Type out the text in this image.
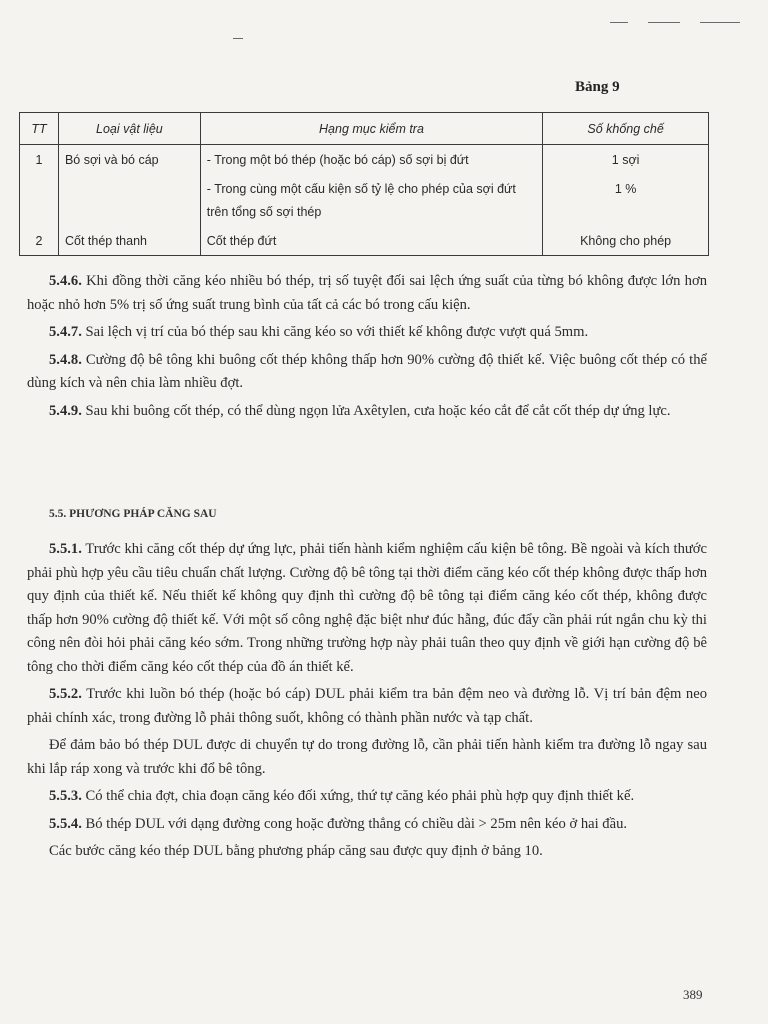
Bảng 9
TT	Loại vật liệu	Hạng mục kiểm tra	Số khống chế
1	Bó sợi và bó cáp	- Trong một bó thép (hoặc bó cáp) số sợi bị đứt	1 sợi
		- Trong cùng một cấu kiện số tỷ lệ cho phép của sợi đứt trên tổng số sợi thép	1 %
2	Cốt thép thanh	Cốt thép đứt	Không cho phép

5.4.6. Khi đồng thời căng kéo nhiều bó thép, trị số tuyệt đối sai lệch ứng suất của từng bó không được lớn hơn hoặc nhỏ hơn 5% trị số ứng suất trung bình của tất cả các bó trong cấu kiện.

5.4.7. Sai lệch vị trí của bó thép sau khi căng kéo so với thiết kế không được vượt quá 5mm.

5.4.8. Cường độ bê tông khi buông cốt thép không thấp hơn 90% cường độ thiết kế. Việc buông cốt thép có thể dùng kích và nên chia làm nhiều đợt.

5.4.9. Sau khi buông cốt thép, có thể dùng ngọn lửa Axêtylen, cưa hoặc kéo cắt để cắt cốt thép dự ứng lực.

5.5. PHƯƠNG PHÁP CĂNG SAU

5.5.1. Trước khi căng cốt thép dự ứng lực, phải tiến hành kiểm nghiệm cấu kiện bê tông. Bề ngoài và kích thước phải phù hợp yêu cầu tiêu chuẩn chất lượng. Cường độ bê tông tại thời điểm căng kéo cốt thép không được thấp hơn quy định của thiết kế. Nếu thiết kế không quy định thì cường độ bê tông tại điểm căng kéo cốt thép, không được thấp hơn 90% cường độ thiết kế. Với một số công nghệ đặc biệt như đúc hẫng, đúc đẩy cần phải rút ngắn chu kỳ thi công nên đòi hỏi phải căng kéo sớm. Trong những trường hợp này phải tuân theo quy định về giới hạn cường độ bê tông cho thời điểm căng kéo cốt thép của đồ án thiết kế.

5.5.2. Trước khi luồn bó thép (hoặc bó cáp) DUL phải kiểm tra bản đệm neo và đường lỗ. Vị trí bản đệm neo phải chính xác, trong đường lỗ phải thông suốt, không có thành phần nước và tạp chất.

Để đảm bảo bó thép DUL được di chuyển tự do trong đường lỗ, cần phải tiến hành kiểm tra đường lỗ ngay sau khi lắp ráp xong và trước khi đổ bê tông.

5.5.3. Có thể chia đợt, chia đoạn căng kéo đối xứng, thứ tự căng kéo phải phù hợp quy định thiết kế.

5.5.4. Bó thép DUL với dạng đường cong hoặc đường thẳng có chiều dài > 25m nên kéo ở hai đầu.

Các bước căng kéo thép DUL bằng phương pháp căng sau được quy định ở bảng 10.

389
